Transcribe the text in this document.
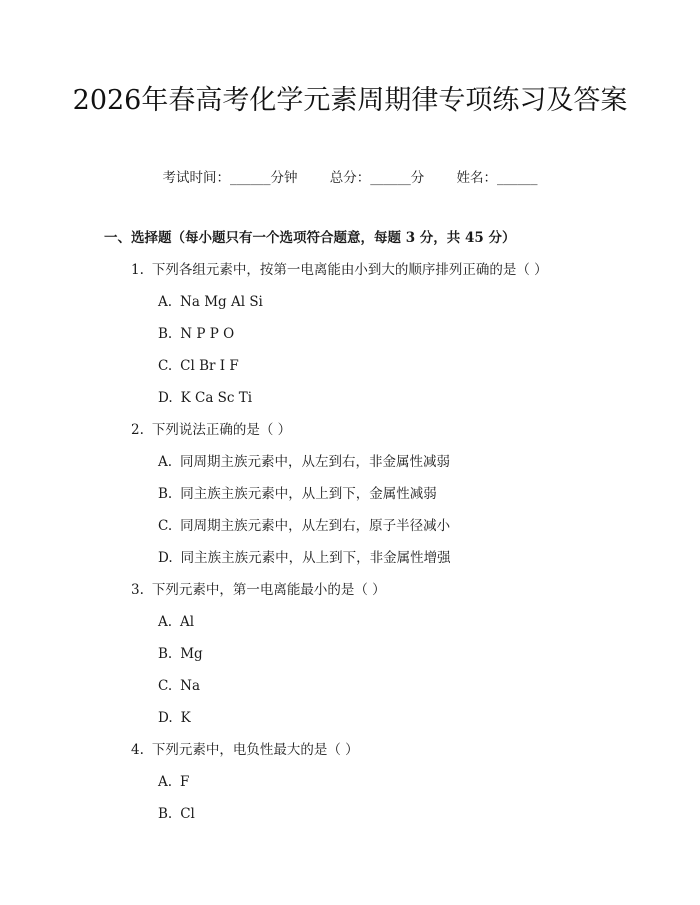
2026年春高考化学元素周期律专项练习及答案
考试时间：______分钟 总分：______分 姓名：______
一、选择题（每小题只有一个选项符合题意，每题 3 分，共 45 分）
1. 下列各组元素中，按第一电离能由小到大的顺序排列正确的是（ ）
A. Na Mg Al Si
B. N P P O
C. Cl Br I F
D. K Ca Sc Ti
2. 下列说法正确的是（ ）
A. 同周期主族元素中，从左到右，非金属性减弱
B. 同主族主族元素中，从上到下，金属性减弱
C. 同周期主族元素中，从左到右，原子半径减小
D. 同主族主族元素中，从上到下，非金属性增强
3. 下列元素中，第一电离能最小的是（ ）
A. Al
B. Mg
C. Na
D. K
4. 下列元素中，电负性最大的是（ ）
A. F
B. Cl
